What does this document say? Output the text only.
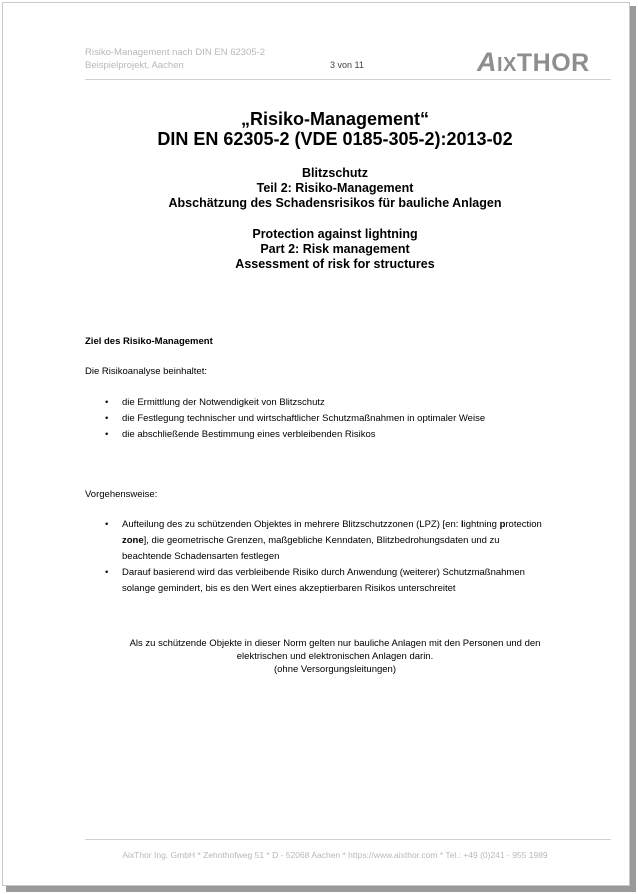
Risiko-Management nach DIN EN 62305-2
Beispielprojekt, Aachen	3 von 11	AIXTHOR
„Risiko-Management“
DIN EN 62305-2 (VDE 0185-305-2):2013-02
Blitzschutz
Teil 2: Risiko-Management
Abschätzung des Schadensrisikos für bauliche Anlagen
Protection against lightning
Part 2: Risk management
Assessment of risk for structures
Ziel des Risiko-Management
Die Risikoanalyse beinhaltet:
• die Ermittlung der Notwendigkeit von Blitzschutz
• die Festlegung technischer und wirtschaftlicher Schutzmaßnahmen in optimaler Weise
• die abschließende Bestimmung eines verbleibenden Risikos
Vorgehensweise:
• Aufteilung des zu schützenden Objektes in mehrere Blitzschutzzonen (LPZ) [en: lightning protection
zone], die geometrische Grenzen, maßgebliche Kenndaten, Blitzbedrohungsdaten und zu
beachtende Schadensarten festlegen
• Darauf basierend wird das verbleibende Risiko durch Anwendung (weiterer) Schutzmaßnahmen
solange gemindert, bis es den Wert eines akzeptierbaren Risikos unterschreitet
Als zu schützende Objekte in dieser Norm gelten nur bauliche Anlagen mit den Personen und den
elektrischen und elektronischen Anlagen darin.
(ohne Versorgungsleitungen)
AixThor Ing. GmbH * Zehnthofweg 51 * D - 52068 Aachen * https://www.aixthor.com * Tel.: +49 (0)241 - 955 1989
